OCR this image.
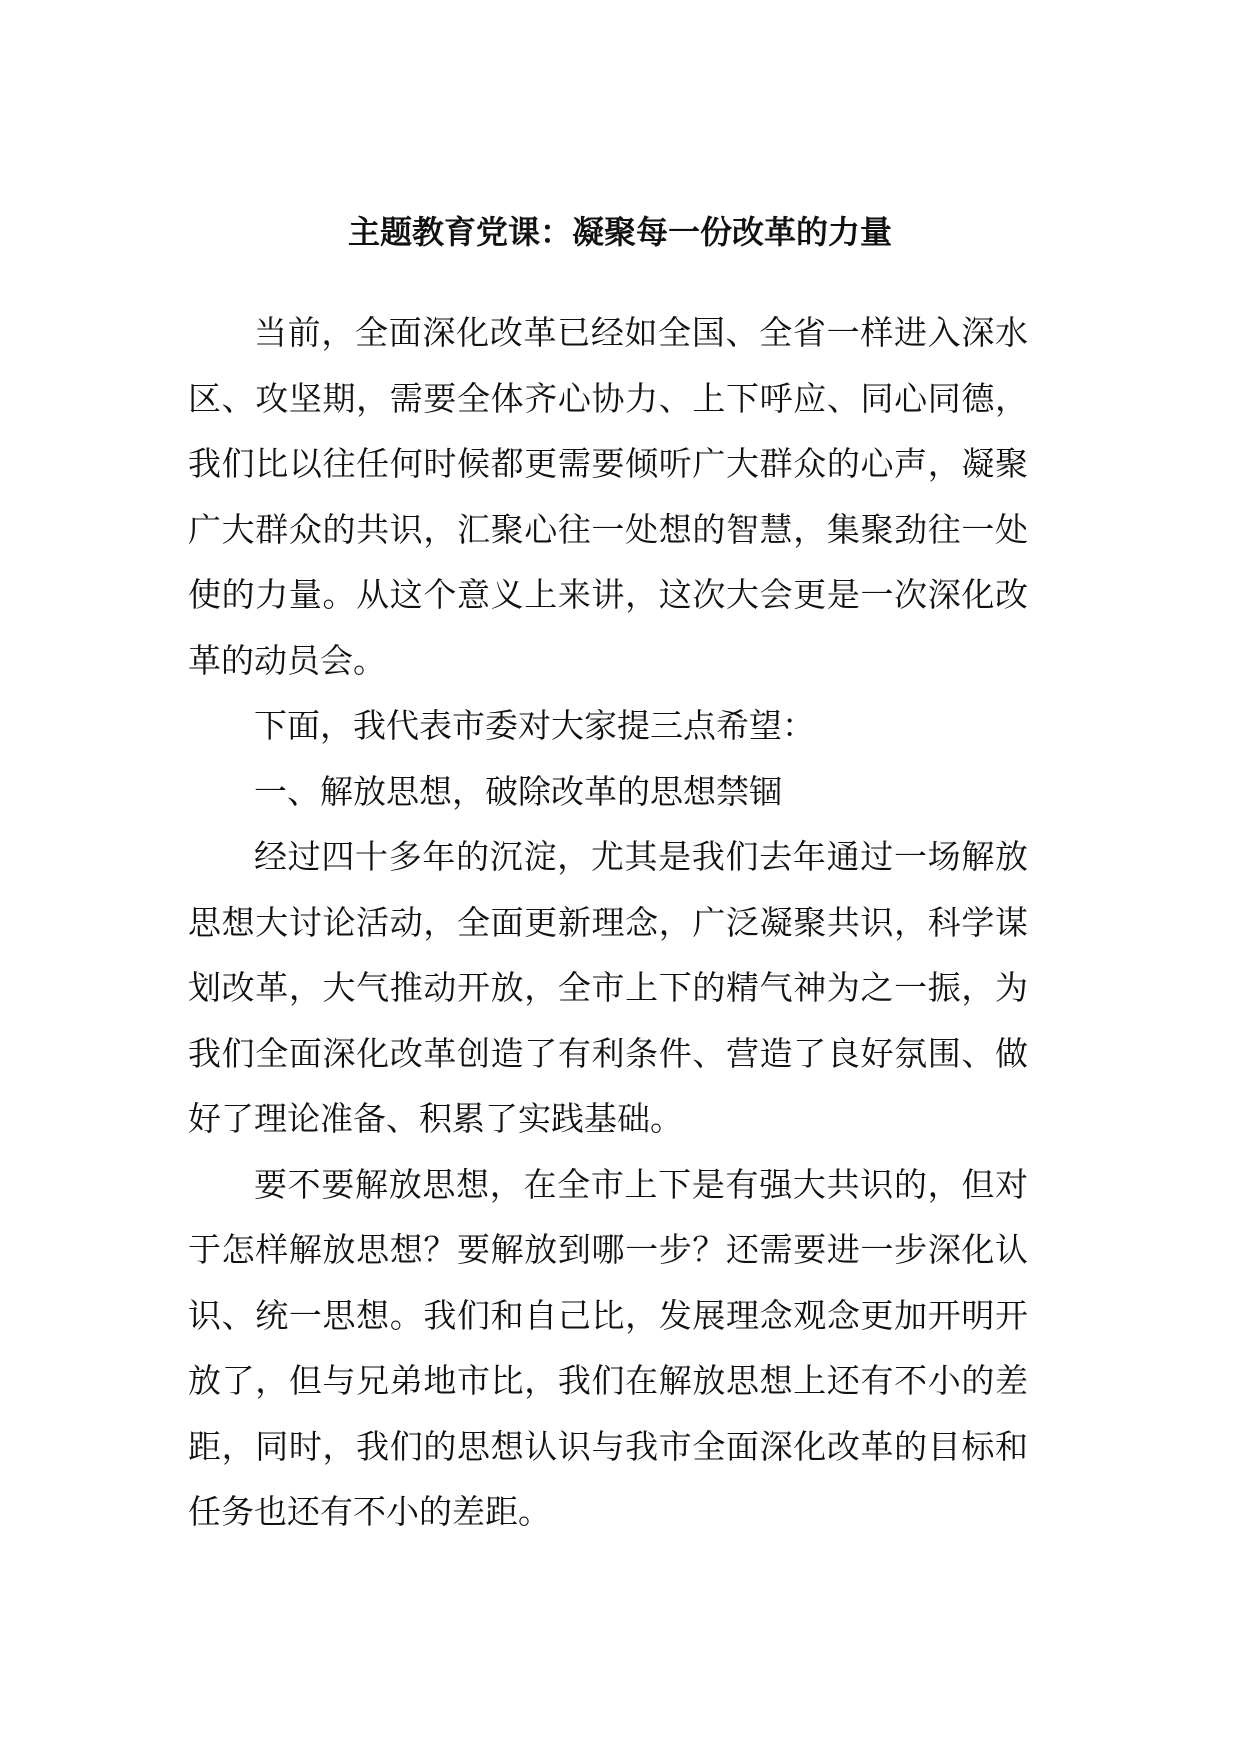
主题教育党课：凝聚每一份改革的力量

当前，全面深化改革已经如全国、全省一样进入深水区、攻坚期，需要全体齐心协力、上下呼应、同心同德，我们比以往任何时候都更需要倾听广大群众的心声，凝聚广大群众的共识，汇聚心往一处想的智慧，集聚劲往一处使的力量。从这个意义上来讲，这次大会更是一次深化改革的动员会。

下面，我代表市委对大家提三点希望：

一、解放思想，破除改革的思想禁锢

经过四十多年的沉淀，尤其是我们去年通过一场解放思想大讨论活动，全面更新理念，广泛凝聚共识，科学谋划改革，大气推动开放，全市上下的精气神为之一振，为我们全面深化改革创造了有利条件、营造了良好氛围、做好了理论准备、积累了实践基础。

要不要解放思想，在全市上下是有强大共识的，但对于怎样解放思想？要解放到哪一步？还需要进一步深化认识、统一思想。我们和自己比，发展理念观念更加开明开放了，但与兄弟地市比，我们在解放思想上还有不小的差距，同时，我们的思想认识与我市全面深化改革的目标和任务也还有不小的差距。
